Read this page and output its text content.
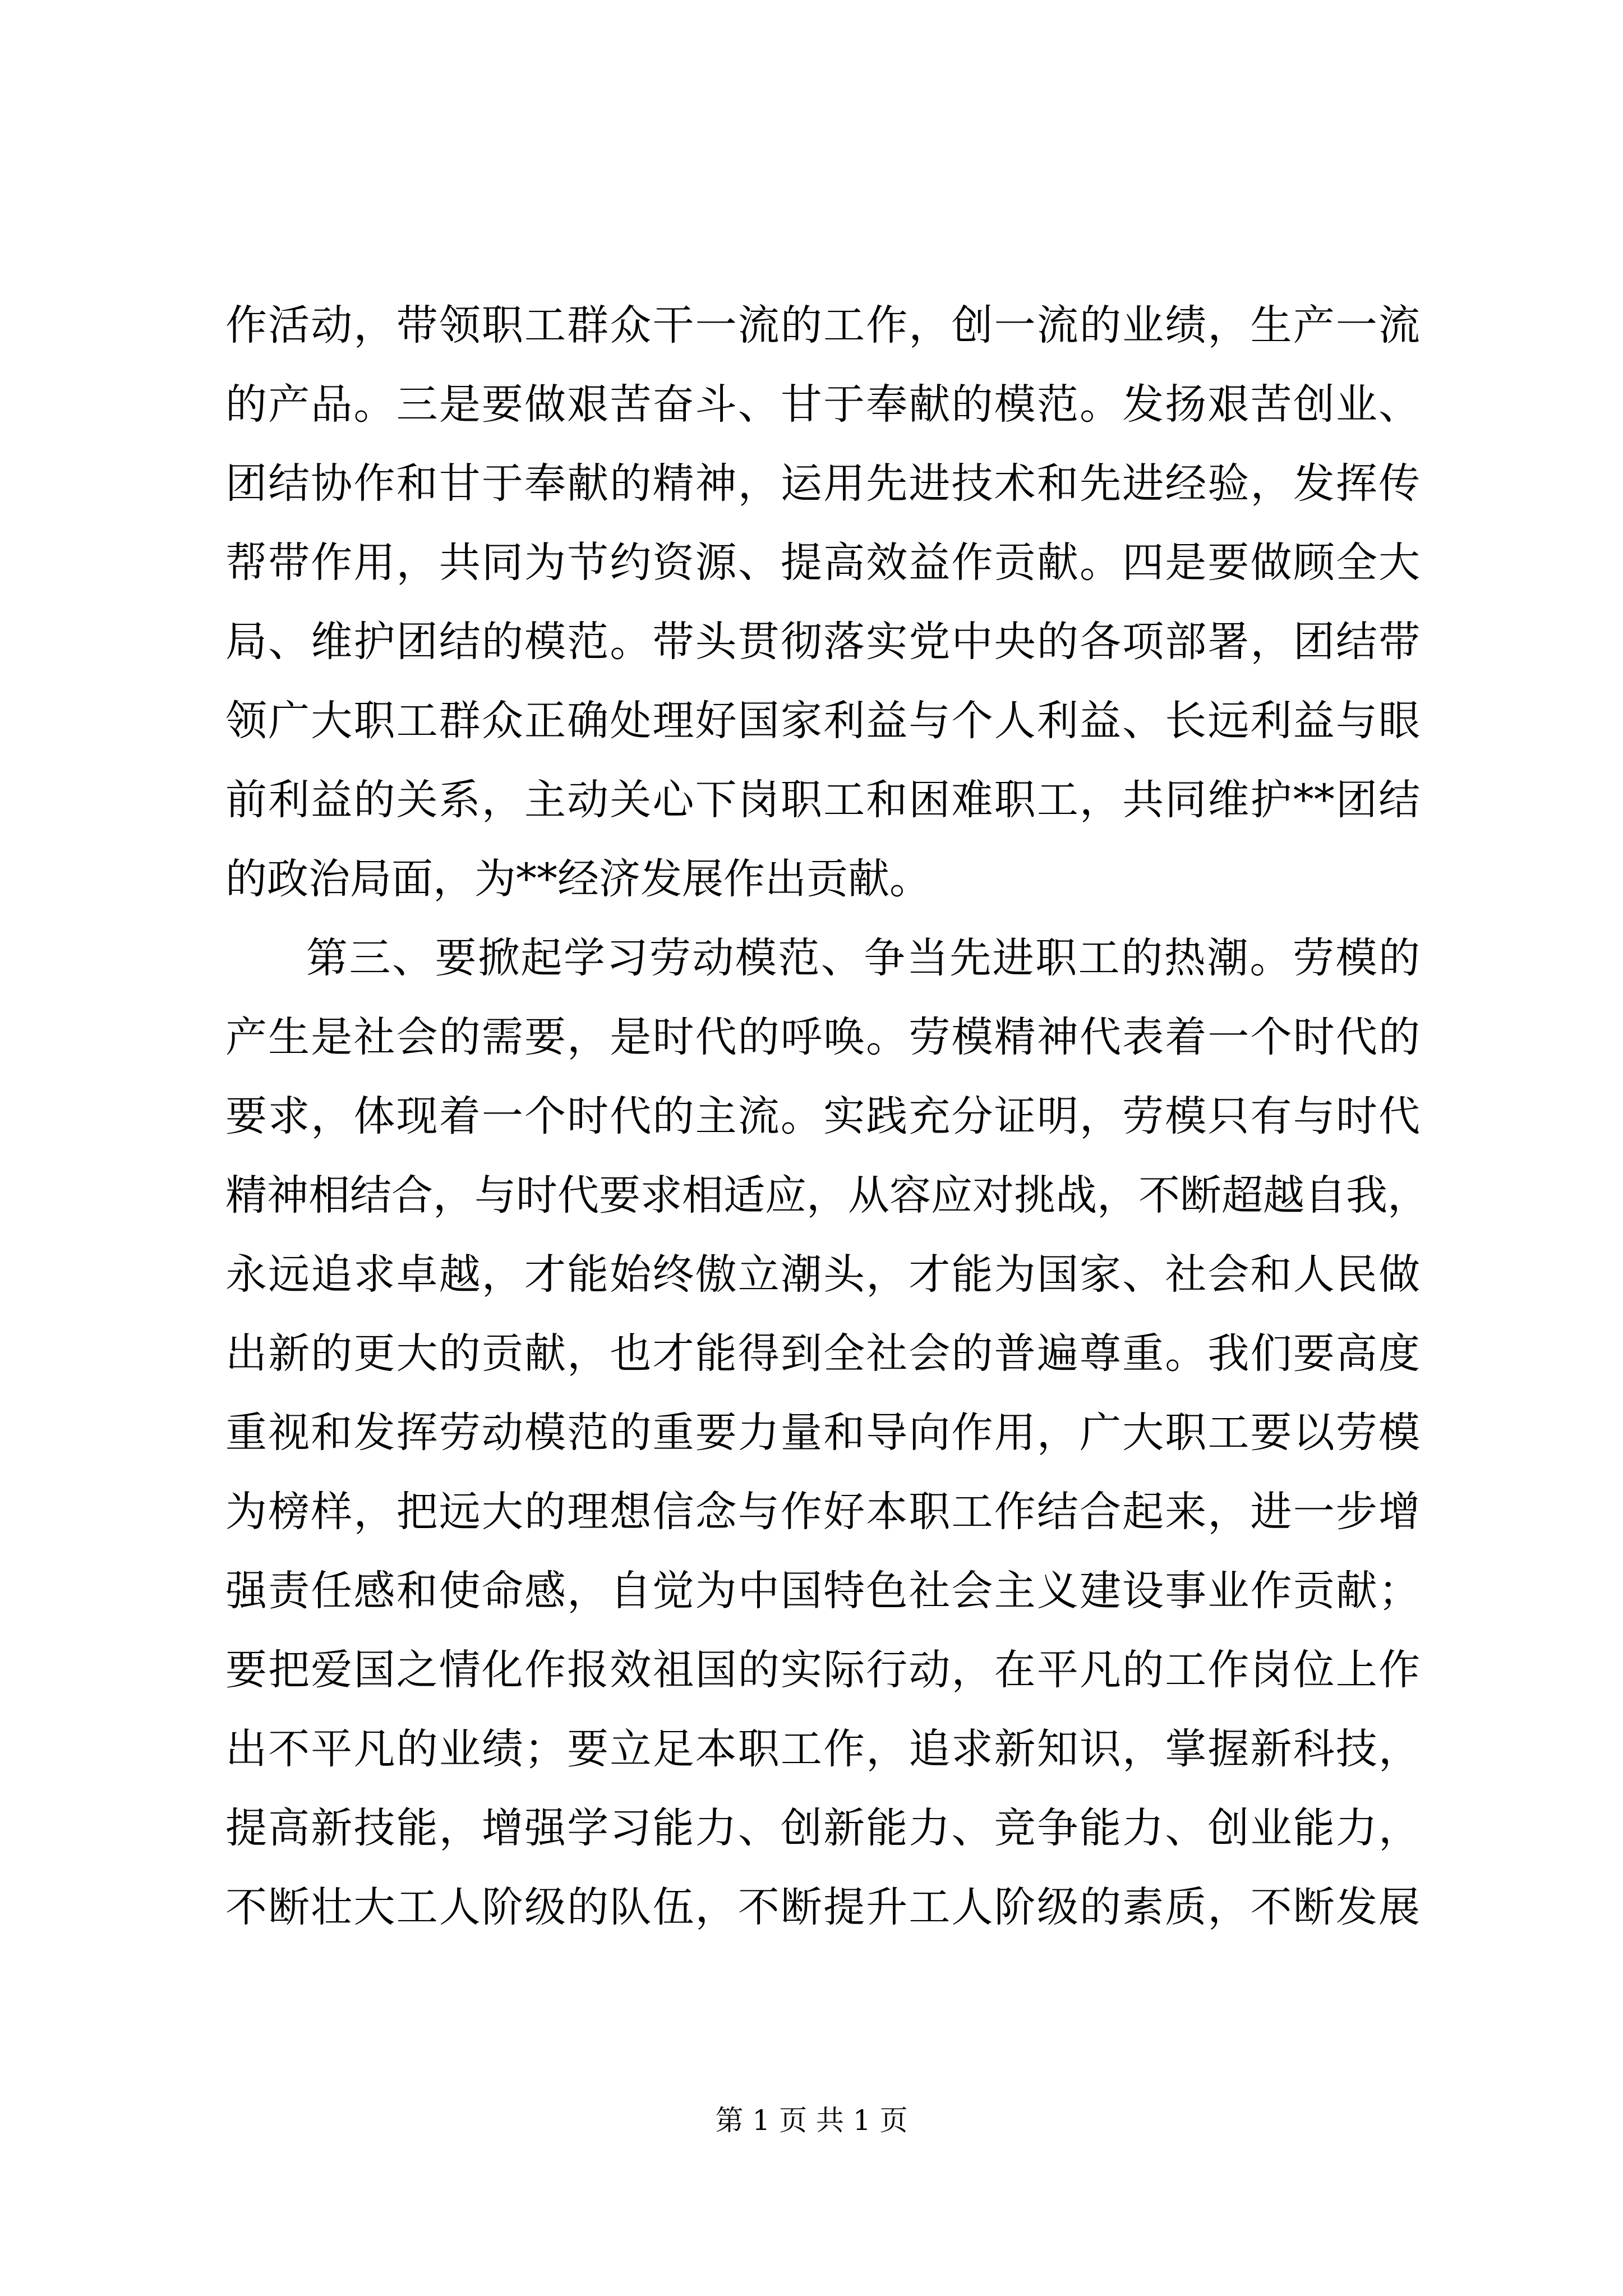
作活动，带领职工群众干一流的工作，创一流的业绩，生产一流
的产品。三是要做艰苦奋斗、甘于奉献的模范。发扬艰苦创业、
团结协作和甘于奉献的精神，运用先进技术和先进经验，发挥传
帮带作用，共同为节约资源、提高效益作贡献。四是要做顾全大
局、维护团结的模范。带头贯彻落实党中央的各项部署，团结带
领广大职工群众正确处理好国家利益与个人利益、长远利益与眼
前利益的关系，主动关心下岗职工和困难职工，共同维护**团结
的政治局面，为**经济发展作出贡献。
第三、要掀起学习劳动模范、争当先进职工的热潮。劳模的
产生是社会的需要，是时代的呼唤。劳模精神代表着一个时代的
要求，体现着一个时代的主流。实践充分证明，劳模只有与时代
精神相结合，与时代要求相适应，从容应对挑战，不断超越自我，
永远追求卓越，才能始终傲立潮头，才能为国家、社会和人民做
出新的更大的贡献，也才能得到全社会的普遍尊重。我们要高度
重视和发挥劳动模范的重要力量和导向作用，广大职工要以劳模
为榜样，把远大的理想信念与作好本职工作结合起来，进一步增
强责任感和使命感，自觉为中国特色社会主义建设事业作贡献；
要把爱国之情化作报效祖国的实际行动，在平凡的工作岗位上作
出不平凡的业绩；要立足本职工作，追求新知识，掌握新科技，
提高新技能，增强学习能力、创新能力、竞争能力、创业能力，
不断壮大工人阶级的队伍，不断提升工人阶级的素质，不断发展
第 1 页 共 1 页
